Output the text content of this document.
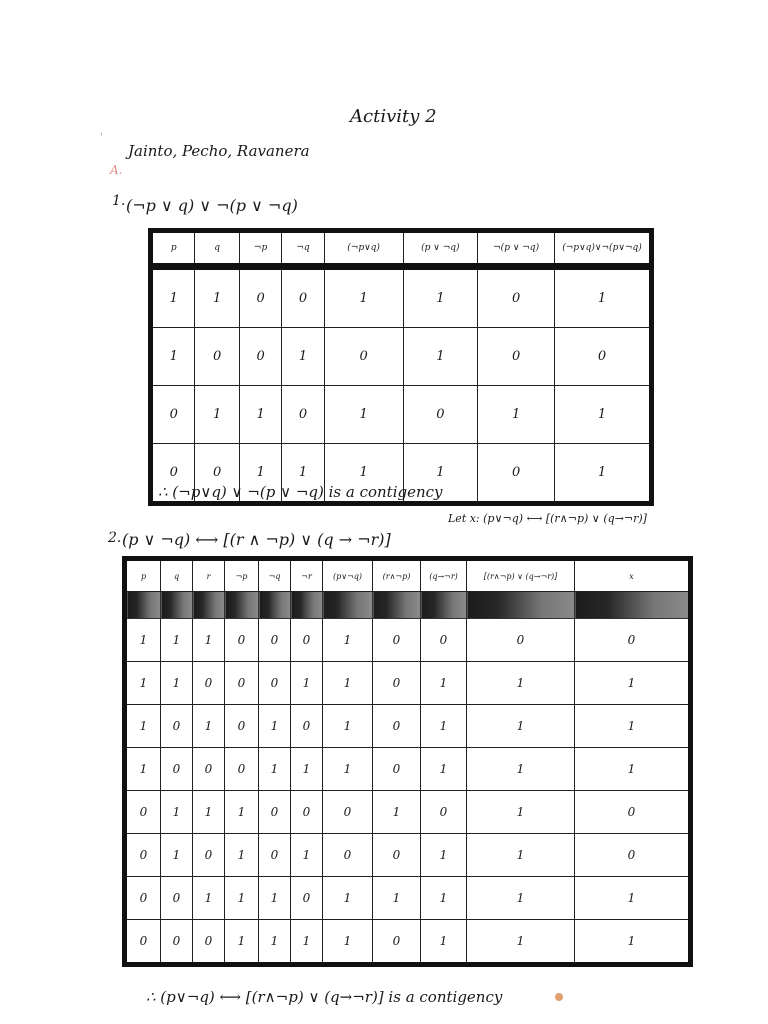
'
Activity 2
Jainto, Pecho, Ravanera
A.
1. (¬p ∨ q) ∨ ¬(p ∨ ¬q)
p	q	¬p	¬q	(¬p∨q)	(p ∨ ¬q)	¬(p ∨ ¬q)	(¬p∨q)∨¬(p∨¬q)
1	1	0	0	1	1	0	1
1	0	0	1	0	1	0	0
0	1	1	0	1	0	1	1
0	0	1	1	1	1	0	1
∴ (¬p∨q) ∨ ¬(p ∨ ¬q) is a contigency
Let x: (p∨¬q) ⟷ [(r∧¬p) ∨ (q→¬r)]
2. (p ∨ ¬q) ⟷ [(r ∧ ¬p) ∨ (q → ¬r)]
p	q	r	¬p	¬q	¬r	(p∨¬q)	(r∧¬p)	(q→¬r)	[(r∧¬p) ∨ (q→¬r)]	x

1	1	1	0	0	0	1	0	0	0	0
1	1	0	0	0	1	1	0	1	1	1
1	0	1	0	1	0	1	0	1	1	1
1	0	0	0	1	1	1	0	1	1	1
0	1	1	1	0	0	0	1	0	1	0
0	1	0	1	0	1	0	0	1	1	0
0	0	1	1	1	0	1	1	1	1	1
0	0	0	1	1	1	1	0	1	1	1
∴ (p∨¬q) ⟷ [(r∧¬p) ∨ (q→¬r)] is a contigency
